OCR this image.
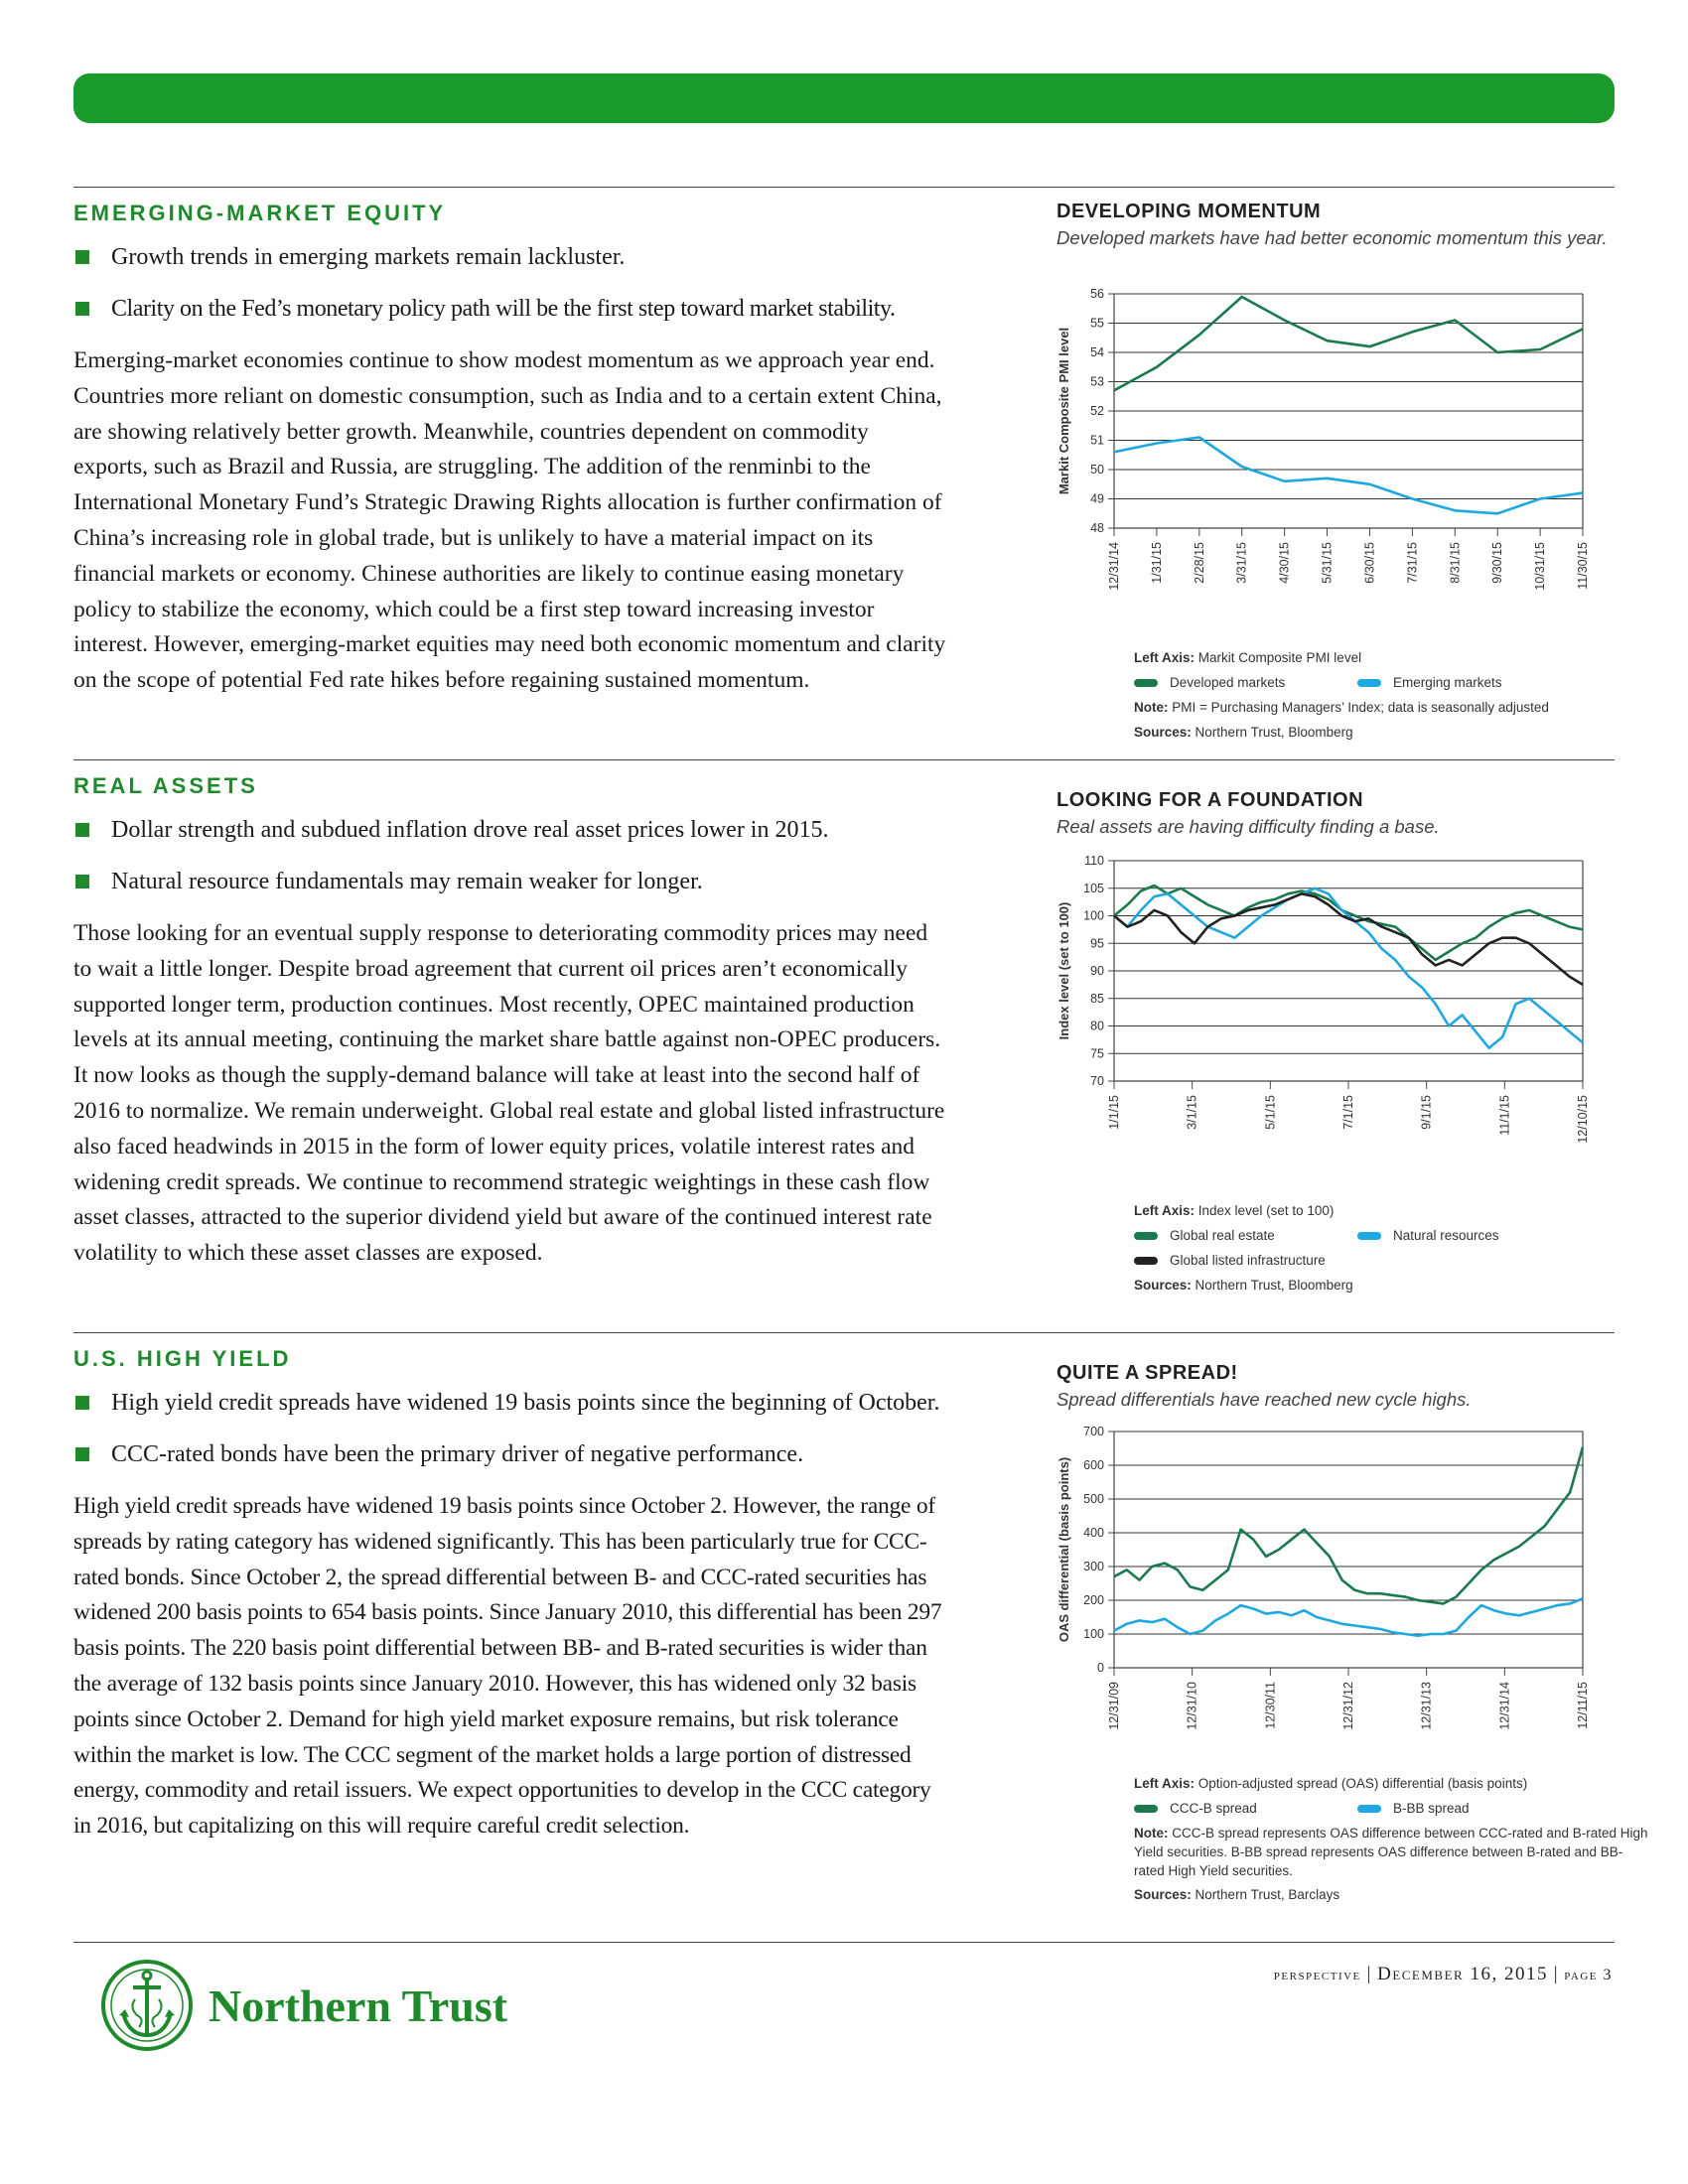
EMERGING-MARKET EQUITY
Growth trends in emerging markets remain lackluster.
Clarity on the Fed’s monetary policy path will be the first step toward market stability.

Emerging-market economies continue to show modest momentum as we approach year end. Countries more reliant on domestic consumption, such as India and to a certain extent China, are showing relatively better growth. Meanwhile, countries dependent on commodity exports, such as Brazil and Russia, are struggling. The addition of the renminbi to the International Monetary Fund’s Strategic Drawing Rights allocation is further confirmation of China’s increasing role in global trade, but is unlikely to have a material impact on its financial markets or economy. Chinese authorities are likely to continue easing monetary policy to stabilize the economy, which could be a first step toward increasing investor interest. However, emerging-market equities may need both economic momentum and clarity on the scope of potential Fed rate hikes before regaining sustained momentum.

DEVELOPING MOMENTUM
Developed markets have had better economic momentum this year.
48
49
50
51
52
53
54
55
56
Markit Composite PMI level
12/31/14 1/31/15 2/28/15 3/31/15 4/30/15 5/31/15 6/30/15 7/31/15 8/31/15 9/30/15 10/31/15 11/30/15
Left Axis:
Markit Composite PMI level
Developed markets	Emerging markets
Note:
PMI = Purchasing Managers’ Index; data is seasonally adjusted
Sources:
Northern Trust, Bloomberg
REAL ASSETS
Dollar strength and subdued inflation drove real asset prices lower in 2015.
Natural resource fundamentals may remain weaker for longer.

Those looking for an eventual supply response to deteriorating commodity prices may need to wait a little longer. Despite broad agreement that current oil prices aren’t economically supported longer term, production continues. Most recently, OPEC maintained production levels at its annual meeting, continuing the market share battle against non-OPEC producers. It now looks as though the supply-demand balance will take at least into the second half of 2016 to normalize. We remain underweight. Global real estate and global listed infrastructure also faced headwinds in 2015 in the form of lower equity prices, volatile interest rates and widening credit spreads. We continue to recommend strategic weightings in these cash flow asset classes, attracted to the superior dividend yield but aware of the continued interest rate volatility to which these asset classes are exposed.

LOOKING FOR A FOUNDATION
Real assets are having difficulty finding a base.
70
75
80
85
90
95
100
105
110
Index level (set to 100)
1/1/15	3/1/15	5/1/15	7/1/15	9/1/15	11/1/15	12/10/15
Left Axis:
Index level (set to 100)
Global real estate	Natural resources
Global listed infrastructure
Sources:
Northern Trust, Bloomberg
U.S. HIGH YIELD
High yield credit spreads have widened 19 basis points since the beginning of October.
CCC-rated bonds have been the primary driver of negative performance.

High yield credit spreads have widened 19 basis points since October 2. However, the range of spreads by rating category has widened significantly. This has been particularly true for CCC-rated bonds. Since October 2, the spread differential between B- and CCC-rated securities has widened 200 basis points to 654 basis points. Since January 2010, this differential has been 297 basis points. The 220 basis point differential between BB- and B-rated securities is wider than the average of 132 basis points since January 2010. However, this has widened only 32 basis points since October 2. Demand for high yield market exposure remains, but risk tolerance within the market is low. The CCC segment of the market holds a large portion of distressed energy, commodity and retail issuers. We expect opportunities to develop in the CCC category in 2016, but capitalizing on this will require careful credit selection.

QUITE A SPREAD!
Spread differentials have reached new cycle highs.
0
100
200
300
400
500
600
700
OAS differential (basis points)
12/31/09	12/31/10	12/30/11	12/31/12	12/31/13	12/31/14	12/11/15
Left Axis:
Option-adjusted spread (OAS) differential (basis points)
CCC-B spread	B-BB spread
Note: CCC-B spread represents OAS difference between CCC-rated and B-rated High Yield securities. B-BB spread represents OAS difference between B-rated and BB-rated High Yield securities.
Sources:
Northern Trust, Barclays
Northern Trust
perspective | December 16, 2015 | page 3
